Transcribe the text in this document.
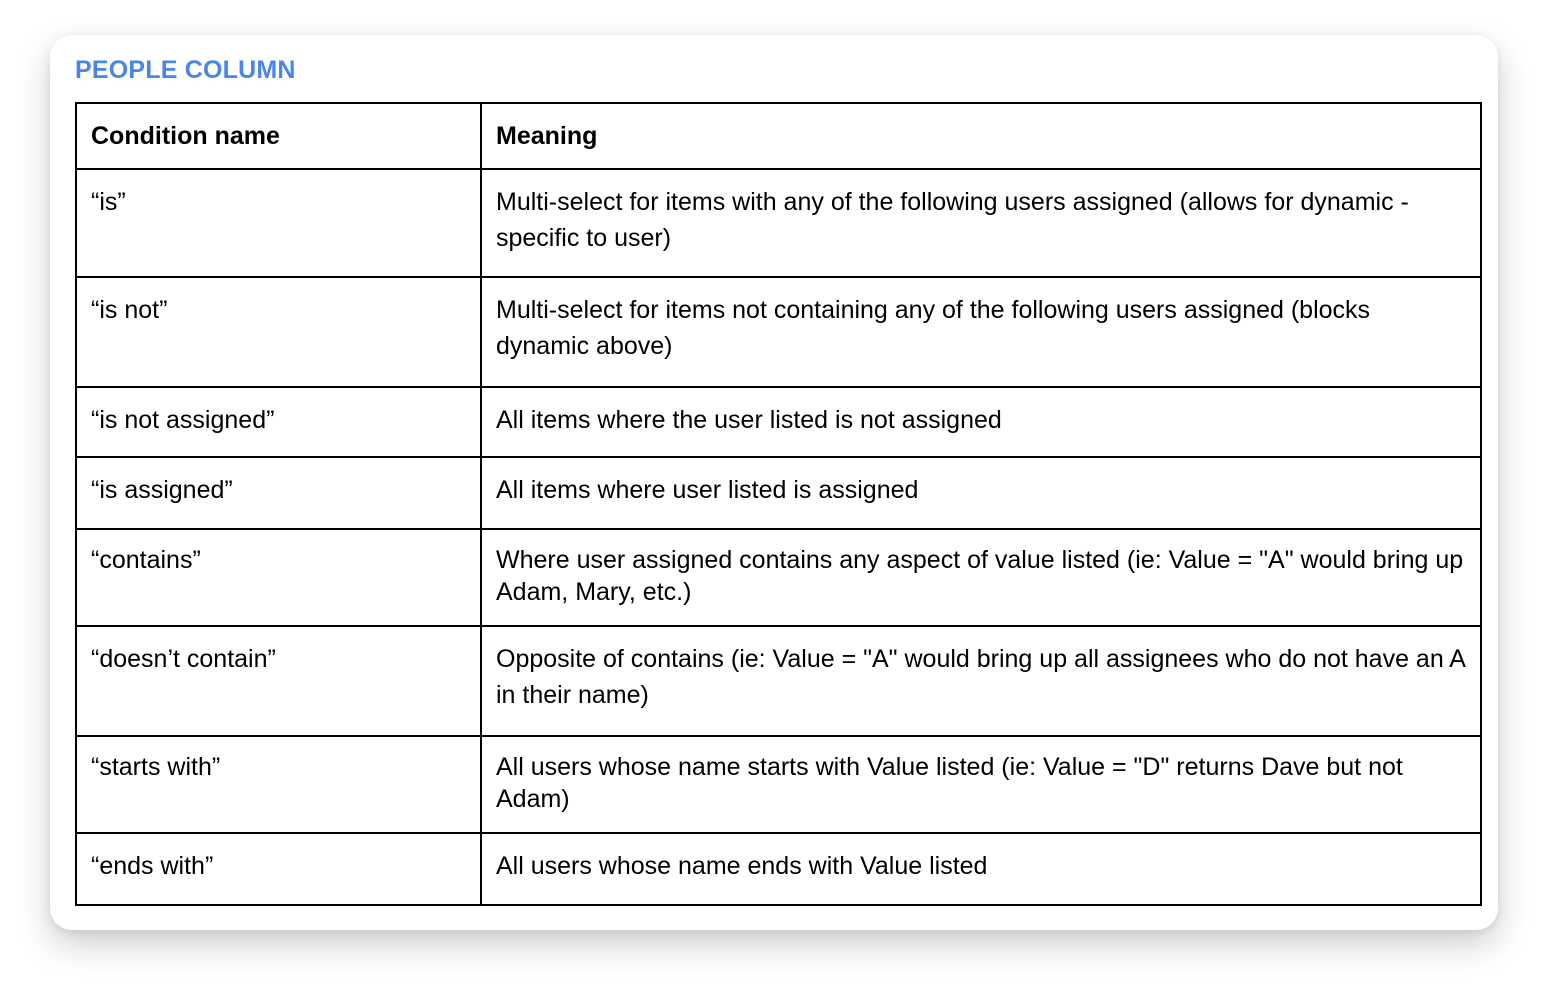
PEOPLE COLUMN
Condition name	Meaning
“is”	Multi-select for items with any of the following users assigned (allows for dynamic - specific to user)
“is not”	Multi-select for items not containing any of the following users assigned (blocks dynamic above)
“is not assigned”	All items where the user listed is not assigned
“is assigned”	All items where user listed is assigned
“contains”	Where user assigned contains any aspect of value listed (ie: Value = "A" would bring up Adam, Mary, etc.)
“doesn’t contain”	Opposite of contains (ie: Value = "A" would bring up all assignees who do not have an A in their name)
“starts with”	All users whose name starts with Value listed (ie: Value = "D" returns Dave but not Adam)
“ends with”	All users whose name ends with Value listed
